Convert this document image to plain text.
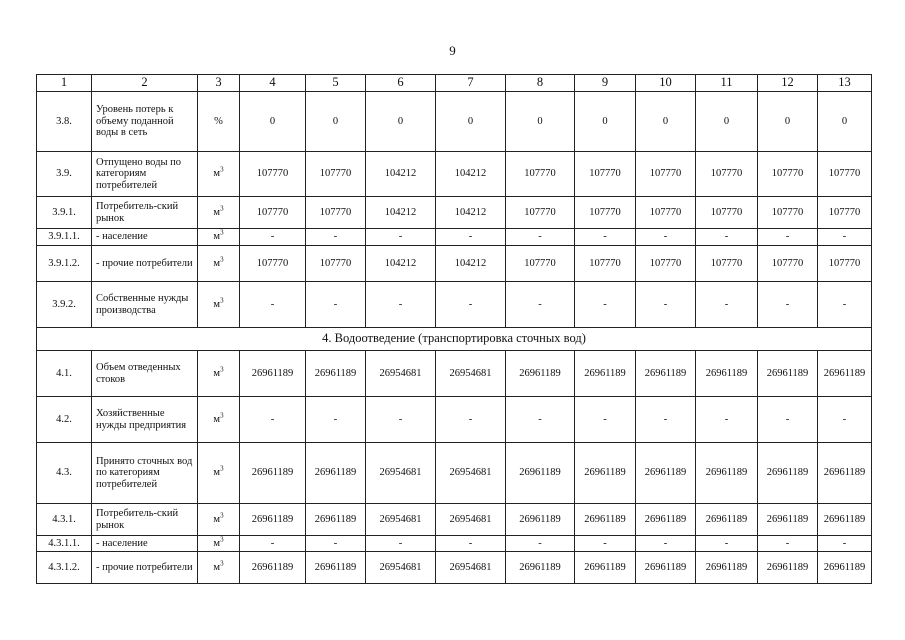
9
1	2	3	4	5	6	7	8	9	10	11	12	13
3.8.	Уровень потерь к объему поданной воды в сеть	%	0	0	0	0	0	0	0	0	0	0
3.9.	Отпущено воды по категориям потребителей	$м^3$	107770	107770	104212	104212	107770	107770	107770	107770	107770	107770
3.9.1.	Потребитель-ский рынок	$м^3$	107770	107770	104212	104212	107770	107770	107770	107770	107770	107770
3.9.1.1.	- население	$м^3$	-	-	-	-	-	-	-	-	-	-
3.9.1.2.	- прочие потребители	$м^3$	107770	107770	104212	104212	107770	107770	107770	107770	107770	107770
3.9.2.	Собственные нужды производства	$м^3$	-	-	-	-	-	-	-	-	-	-
4. Водоотведение (транспортировка сточных вод)												
4.1.	Объем отведенных стоков	$м^3$	26961189	26961189	26954681	26954681	26961189	26961189	26961189	26961189	26961189	26961189
4.2.	Хозяйственные нужды предприятия	$м^3$	-	-	-	-	-	-	-	-	-	-
4.3.	Принято сточных вод по категориям потребителей	$м^3$	26961189	26961189	26954681	26954681	26961189	26961189	26961189	26961189	26961189	26961189
4.3.1.	Потребитель-ский рынок	$м^3$	26961189	26961189	26954681	26954681	26961189	26961189	26961189	26961189	26961189	26961189
4.3.1.1.	- население	$м^3$	-	-	-	-	-	-	-	-	-	-
4.3.1.2.	- прочие потребители	$м^3$	26961189	26961189	26954681	26954681	26961189	26961189	26961189	26961189	26961189	26961189
